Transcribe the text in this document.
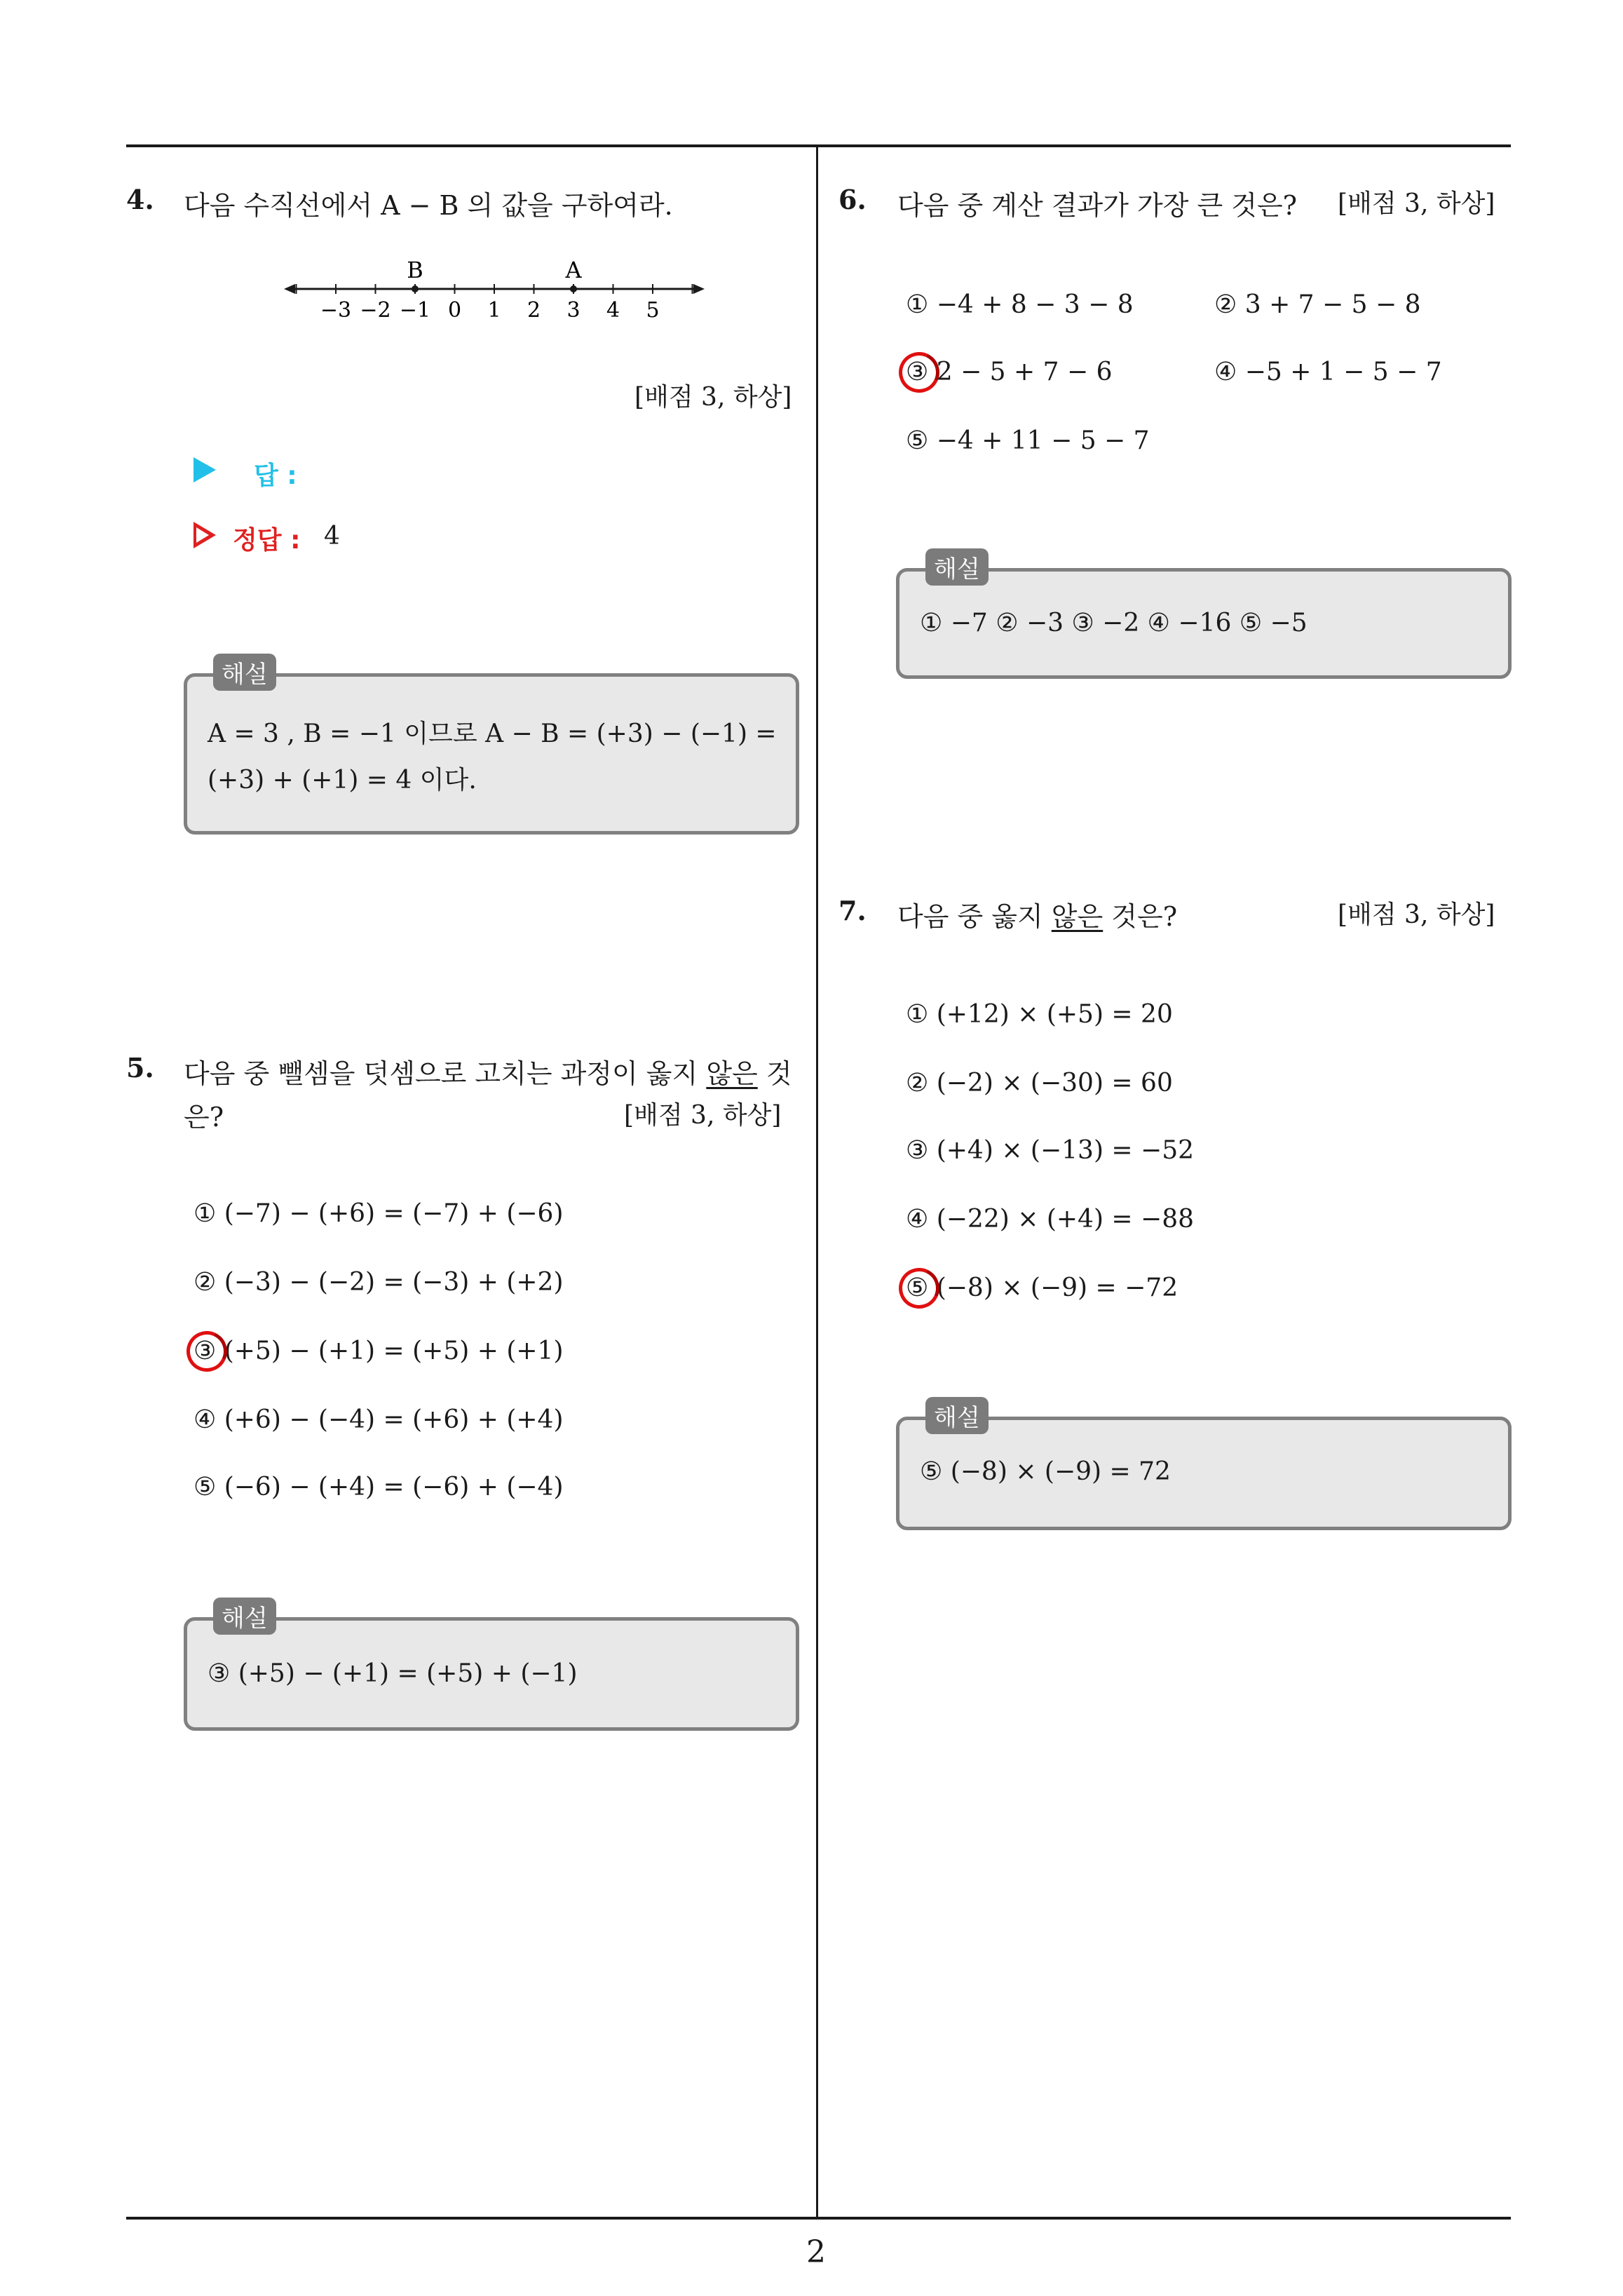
4. 다음 수직선에서 A − B 의 값을 구하여라.
−3 −2 −1 0 1 2 3 4 5
B	A
[배점 3, 하상]
답 :
정답 : 4
해설
A = 3 , B = −1 이므로 A − B = (+3) − (−1) =
(+3) + (+1) = 4 이다.
5. 다음 중 뺄셈을 덧셈으로 고치는 과정이 옳지 않은 것
은?	[배점 3, 하상]
① (−7) − (+6) = (−7) + (−6)
② (−3) − (−2) = (−3) + (+2)
③ (+5) − (+1) = (+5) + (+1)
④ (+6) − (−4) = (+6) + (+4)
⑤ (−6) − (+4) = (−6) + (−4)
해설
③ (+5) − (+1) = (+5) + (−1)
6. 다음 중 계산 결과가 가장 큰 것은? [배점 3, 하상]
① −4 + 8 − 3 − 8	② 3 + 7 − 5 − 8
③ 2 − 5 + 7 − 6	④ −5 + 1 − 5 − 7
⑤ −4 + 11 − 5 − 7
해설
① −7 ② −3 ③ −2 ④ −16 ⑤ −5
7. 다음 중 옳지 않은 것은?	[배점 3, 하상]
① (+12) × (+5) = 20
② (−2) × (−30) = 60
③ (+4) × (−13) = −52
④ (−22) × (+4) = −88
⑤ (−8) × (−9) = −72
해설
⑤ (−8) × (−9) = 72
2
